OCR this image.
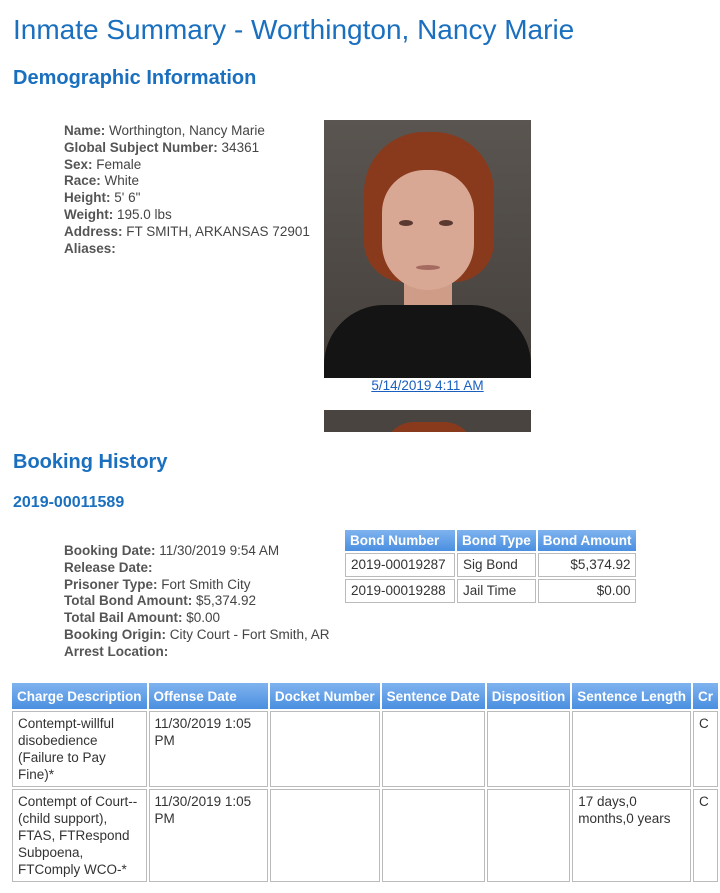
Inmate Summary - Worthington, Nancy Marie
Demographic Information
Name: Worthington, Nancy Marie
Global Subject Number: 34361
Sex: Female
Race: White
Height: 5' 6"
Weight: 195.0 lbs
Address: FT SMITH, ARKANSAS 72901
Aliases:
5/14/2019 4:11 AM
Booking History
2019-00011589
Booking Date: 11/30/2019 9:54 AM
Release Date:
Prisoner Type: Fort Smith City
Total Bond Amount: $5,374.92
Total Bail Amount: $0.00
Booking Origin: City Court - Fort Smith, AR
Arrest Location:
Bond Number	Bond Type	Bond Amount
2019-00019287	Sig Bond	$5,374.92
2019-00019288	Jail Time	$0.00
Charge Description	Offense Date	Docket Number	Sentence Date	Disposition	Sentence Length	Cr
Contempt-willful disobedience (Failure to Pay Fine)*	11/30/2019 1:05 PM					C
Contempt of Court--(child support), FTAS, FTRespond Subpoena, FTComply WCO-*	11/30/2019 1:05 PM				17 days,0 months,0 years	C
